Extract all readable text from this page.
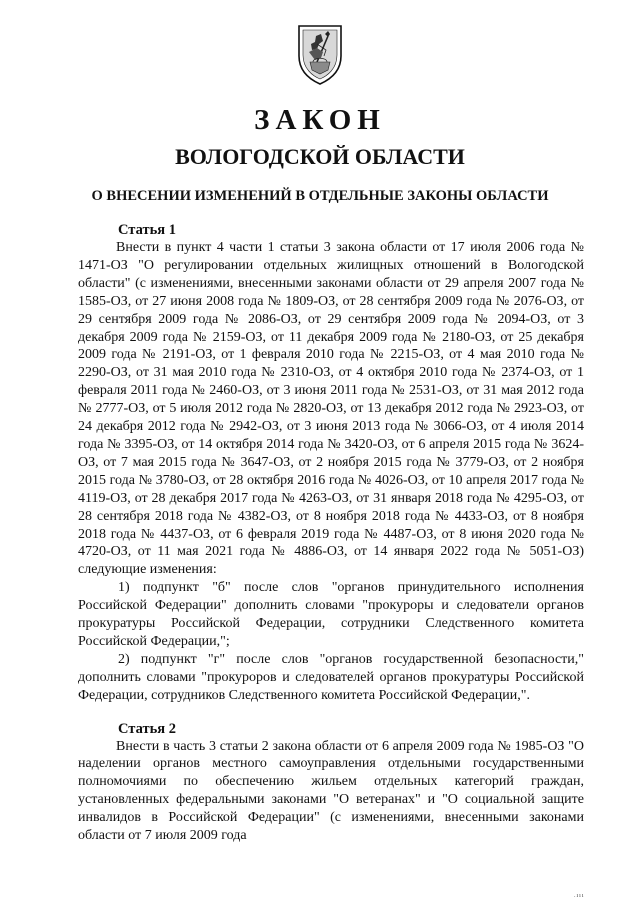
ЗАКОН
ВОЛОГОДСКОЙ ОБЛАСТИ
О ВНЕСЕНИИ ИЗМЕНЕНИЙ В ОТДЕЛЬНЫЕ ЗАКОНЫ ОБЛАСТИ
Статья 1

Внести в пункт 4 части 1 статьи 3 закона области от 17 июля 2006 года № 1471-ОЗ "О регулировании отдельных жилищных отношений в Вологодской области" (с изменениями, внесенными законами области от 29 апреля 2007 года № 1585-ОЗ, от 27 июня 2008 года № 1809-ОЗ, от 28 сентября 2009 года № 2076-ОЗ, от 29 сентября 2009 года № 2086-ОЗ, от 29 сентября 2009 года № 2094-ОЗ, от 3 декабря 2009 года № 2159-ОЗ, от 11 декабря 2009 года № 2180-ОЗ, от 25 декабря 2009 года № 2191-ОЗ, от 1 февраля 2010 года № 2215-ОЗ, от 4 мая 2010 года № 2290-ОЗ, от 31 мая 2010 года № 2310-ОЗ, от 4 октября 2010 года № 2374-ОЗ, от 1 февраля 2011 года № 2460-ОЗ, от 3 июня 2011 года № 2531-ОЗ, от 31 мая 2012 года № 2777-ОЗ, от 5 июля 2012 года № 2820-ОЗ, от 13 декабря 2012 года № 2923-ОЗ, от 24 декабря 2012 года № 2942-ОЗ, от 3 июня 2013 года № 3066-ОЗ, от 4 июля 2014 года № 3395-ОЗ, от 14 октября 2014 года № 3420-ОЗ, от 6 апреля 2015 года № 3624-ОЗ, от 7 мая 2015 года № 3647-ОЗ, от 2 ноября 2015 года № 3779-ОЗ, от 2 ноября 2015 года № 3780-ОЗ, от 28 октября 2016 года № 4026-ОЗ, от 10 апреля 2017 года № 4119-ОЗ, от 28 декабря 2017 года № 4263-ОЗ, от 31 января 2018 года № 4295-ОЗ, от 28 сентября 2018 года № 4382-ОЗ, от 8 ноября 2018 года № 4433-ОЗ, от 8 ноября 2018 года № 4437-ОЗ, от 6 февраля 2019 года № 4487-ОЗ, от 8 июня 2020 года № 4720-ОЗ, от 11 мая 2021 года № 4886-ОЗ, от 14 января 2022 года № 5051-ОЗ) следующие изменения:

1) подпункт "б" после слов "органов принудительного исполнения Российской Федерации" дополнить словами "прокуроры и следователи органов прокуратуры Российской Федерации, сотрудники Следственного комитета Российской Федерации,";

2) подпункт "г" после слов "органов государственной безопасности," дополнить словами "прокуроров и следователей органов прокуратуры Российской Федерации, сотрудников Следственного комитета Российской Федерации,".

Статья 2

Внести в часть 3 статьи 2 закона области от 6 апреля 2009 года № 1985-ОЗ "О наделении органов местного самоуправления отдельными государственными полномочиями по обеспечению жильем отдельных категорий граждан, установленных федеральными законами "О ветеранах" и "О социальной защите инвалидов в Российской Федерации" (с изменениями, внесенными законами области от 7 июля 2009 года

.ııı
